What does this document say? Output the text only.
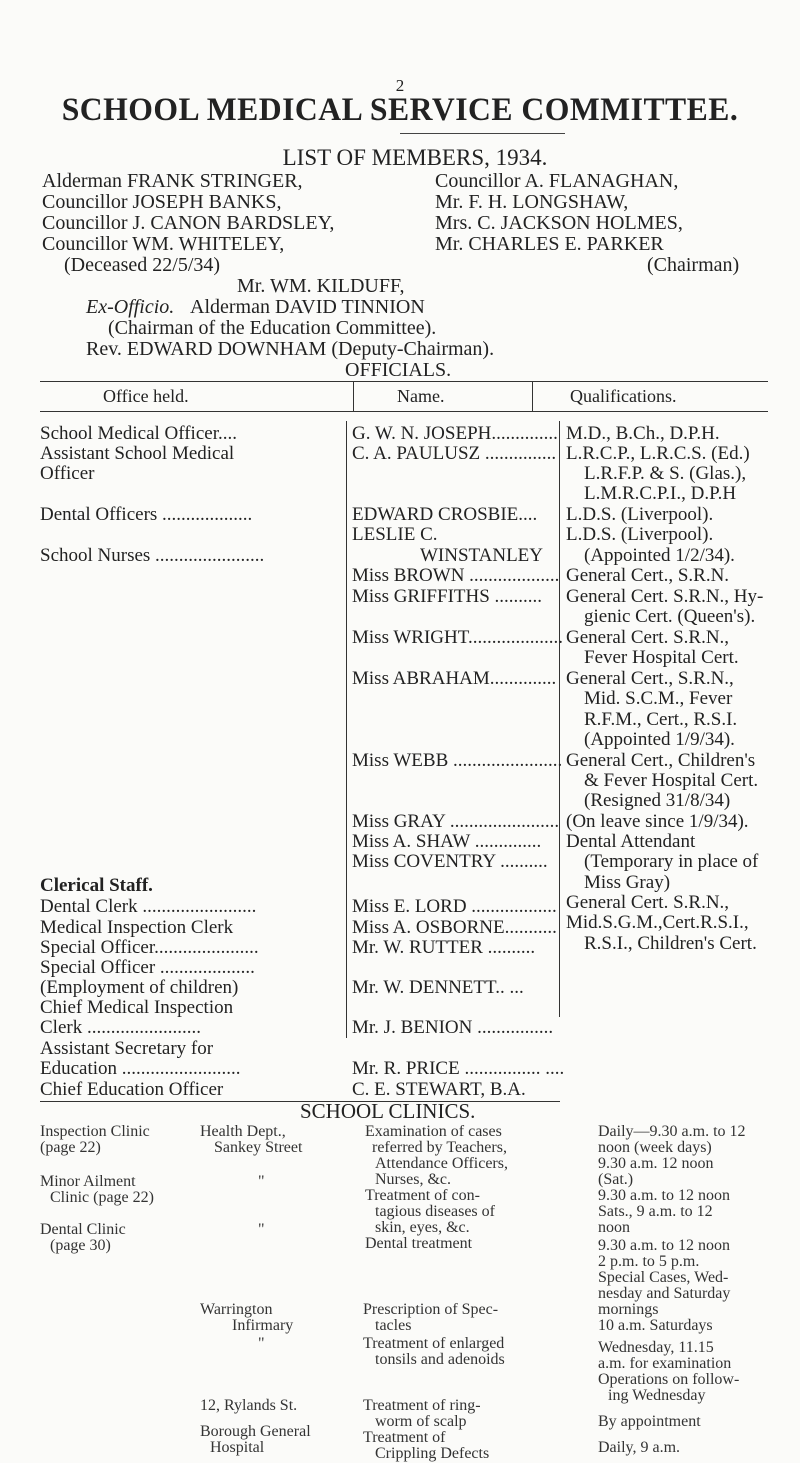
2
SCHOOL MEDICAL SERVICE COMMITTEE.
LIST OF MEMBERS, 1934.
Alderman FRANK STRINGER,
Councillor JOSEPH BANKS,
Councillor J. CANON BARDSLEY,
Councillor WM. WHITELEY,
(Deceased 22/5/34)
Councillor A. FLANAGHAN,
Mr. F. H. LONGSHAW,
Mrs. C. JACKSON HOLMES,
Mr. CHARLES E. PARKER
(Chairman)
Mr. WM. KILDUFF,
Ex-Officio. Alderman DAVID TINNION
(Chairman of the Education Committee).
Rev. EDWARD DOWNHAM (Deputy-Chairman).
OFFICIALS.
Office held.	Name.	Qualifications.
School Medical Officer....
Assistant School Medical
Officer
Dental Officers ...................
School Nurses .......................
Clerical Staff.
Dental Clerk ........................
Medical Inspection Clerk
Special Officer......................
Special Officer ....................
(Employment of children)
Chief Medical Inspection
Clerk ........................
Assistant Secretary for
Education .........................
Chief Education Officer
G. W. N. JOSEPH..............
C. A. PAULUSZ ...............
EDWARD CROSBIE....
LESLIE C.
WINSTANLEY
Miss BROWN ...................
Miss GRIFFITHS ..........
Miss WRIGHT....................
Miss ABRAHAM..............
Miss WEBB .......................
Miss GRAY .......................
Miss A. SHAW ..............
Miss COVENTRY ..........
Miss E. LORD ..................
Miss A. OSBORNE...........
Mr. W. RUTTER ..........
Mr. W. DENNETT.. ...
Mr. J. BENION ................
Mr. R. PRICE ................ ....
C. E. STEWART, B.A.
M.D., B.Ch., D.P.H.
L.R.C.P., L.R.C.S. (Ed.)
L.R.F.P. & S. (Glas.),
L.M.R.C.P.I., D.P.H
L.D.S. (Liverpool).
L.D.S. (Liverpool).
(Appointed 1/2/34).
General Cert., S.R.N.
General Cert. S.R.N., Hy-
gienic Cert. (Queen's).
General Cert. S.R.N.,
Fever Hospital Cert.
General Cert., S.R.N.,
Mid. S.C.M., Fever
R.F.M., Cert., R.S.I.
(Appointed 1/9/34).
General Cert., Children's
& Fever Hospital Cert.
(Resigned 31/8/34)
(On leave since 1/9/34).
Dental Attendant
(Temporary in place of
Miss Gray)
General Cert. S.R.N.,
Mid.S.G.M.,Cert.R.S.I.,
R.S.I., Children's Cert.
SCHOOL CLINICS.
Inspection Clinic
(page 22)
Minor Ailment
Clinic (page 22)
Dental Clinic
(page 30)
Health Dept.,
Sankey Street
"
"
Warrington
Infirmary
"
12, Rylands St.
Borough General
Hospital
Examination of cases
referred by Teachers,
Attendance Officers,
Nurses, &c.
Treatment of con-
tagious diseases of
skin, eyes, &c.
Dental treatment
Prescription of Spec-
tacles
Treatment of enlarged
tonsils and adenoids
Treatment of ring-
worm of scalp
Treatment of
Crippling Defects
Daily—9.30 a.m. to 12
noon (week days)
9.30 a.m. 12 noon
(Sat.)
9.30 a.m. to 12 noon
Sats., 9 a.m. to 12
noon
9.30 a.m. to 12 noon
2 p.m. to 5 p.m.
Special Cases, Wed-
nesday and Saturday
mornings
10 a.m. Saturdays
Wednesday, 11.15
a.m. for examination
Operations on follow-
ing Wednesday
By appointment
Daily, 9 a.m.
